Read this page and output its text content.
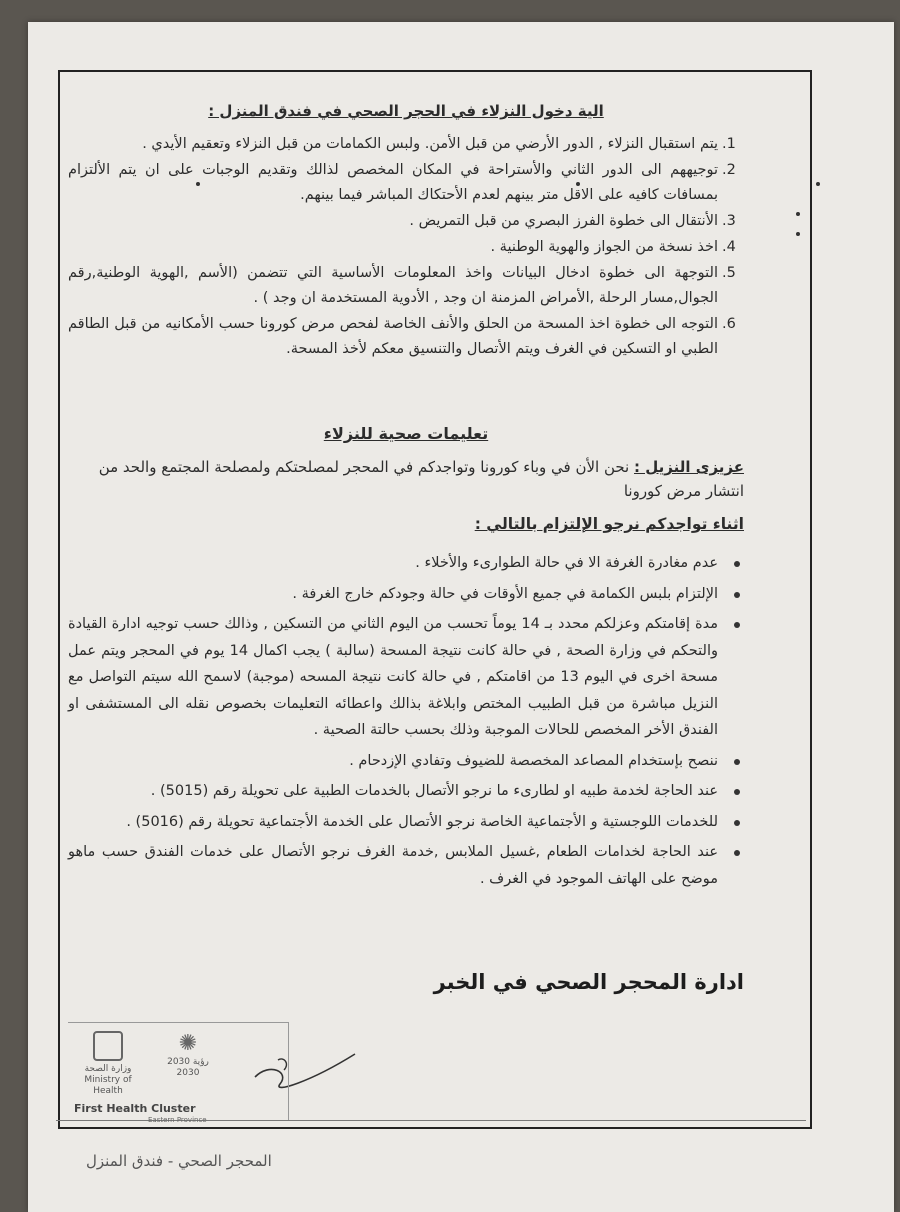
الية دخول النزلاء في الحجر الصحي في فندق المنزل :
1.
يتم استقبال النزلاء , الدور الأرضي من قبل الأمن. ولبس الكمامات من قبل النزلاء وتعقيم الأيدي .
2.
توجيههم الى الدور الثاني والأستراحة في المكان المخصص لذالك وتقديم الوجبات على ان يتم الألتزام بمسافات كافيه على الاقل متر بينهم لعدم الأحتكاك المباشر فيما بينهم.
3.
الأنتقال الى خطوة الفرز البصري من قبل التمريض .
4.
اخذ نسخة من الجواز والهوية الوطنية .
5.
التوجهة الى خطوة ادخال البيانات واخذ المعلومات الأساسية التي تتضمن (الأسم ,الهوية الوطنية,رقم الجوال,مسار الرحلة ,الأمراض المزمنة ان وجد , الأدوية المستخدمة ان وجد ) .
6.
التوجه الى خطوة اخذ المسحة من الحلق والأنف الخاصة لفحص مرض كورونا حسب الأمكانيه من قبل الطاقم الطبي او التسكين في الغرف ويتم الأتصال والتنسيق معكم لأخذ المسحة.
تعليمات صحية للنزلاء
عزيزى النزيل : نحن الأن في وباء كورونا وتواجدكم في المحجر لمصلحتكم ولمصلحة المجتمع والحد من انتشار مرض كورونا
اثناء تواجدكم نرجو الإلتزام بالتالي :
عدم مغادرة الغرفة الا في حالة الطوارىء والأخلاء .
الإلتزام بلبس الكمامة في جميع الأوقات في حالة وجودكم خارج الغرفة .
مدة إقامتكم وعزلكم محدد بـ 14 يوماً تحسب من اليوم الثاني من التسكين , وذالك حسب توجيه ادارة القيادة والتحكم في وزارة الصحة , في حالة كانت نتيجة المسحة (سالبة ) يجب اكمال 14 يوم في المحجر ويتم عمل مسحة اخرى في اليوم 13 من اقامتكم , في حالة كانت نتيجة المسحه (موجبة) لاسمح الله سيتم التواصل مع النزيل مباشرة من قبل الطبيب المختص وابلاغة بذالك واعطائه التعليمات بخصوص نقله الى المستشفى او الفندق الأخر المخصص للحالات الموجبة وذلك بحسب حالتة الصحية .
ننصح بإستخدام المصاعد المخصصة للضيوف وتفادي الإزدحام .
عند الحاجة لخدمة طبيه او لطارىء ما نرجو الأتصال بالخدمات الطبية على تحويلة رقم (5015) .
للخدمات اللوجستية و الأجتماعية الخاصة نرجو الأتصال على الخدمة الأجتماعية تحويلة رقم (5016) .
عند الحاجة لخدامات الطعام ,غسيل الملابس ,خدمة الغرف نرجو الأتصال على خدمات الفندق حسب ماهو موضح على الهاتف الموجود في الغرف .
ادارة المحجر الصحي في الخبر
وزارة الصحة
Ministry of Health
✺
رؤية 2030
2030
First Health Cluster
Eastern Province
المحجر الصحي - فندق المنزل
